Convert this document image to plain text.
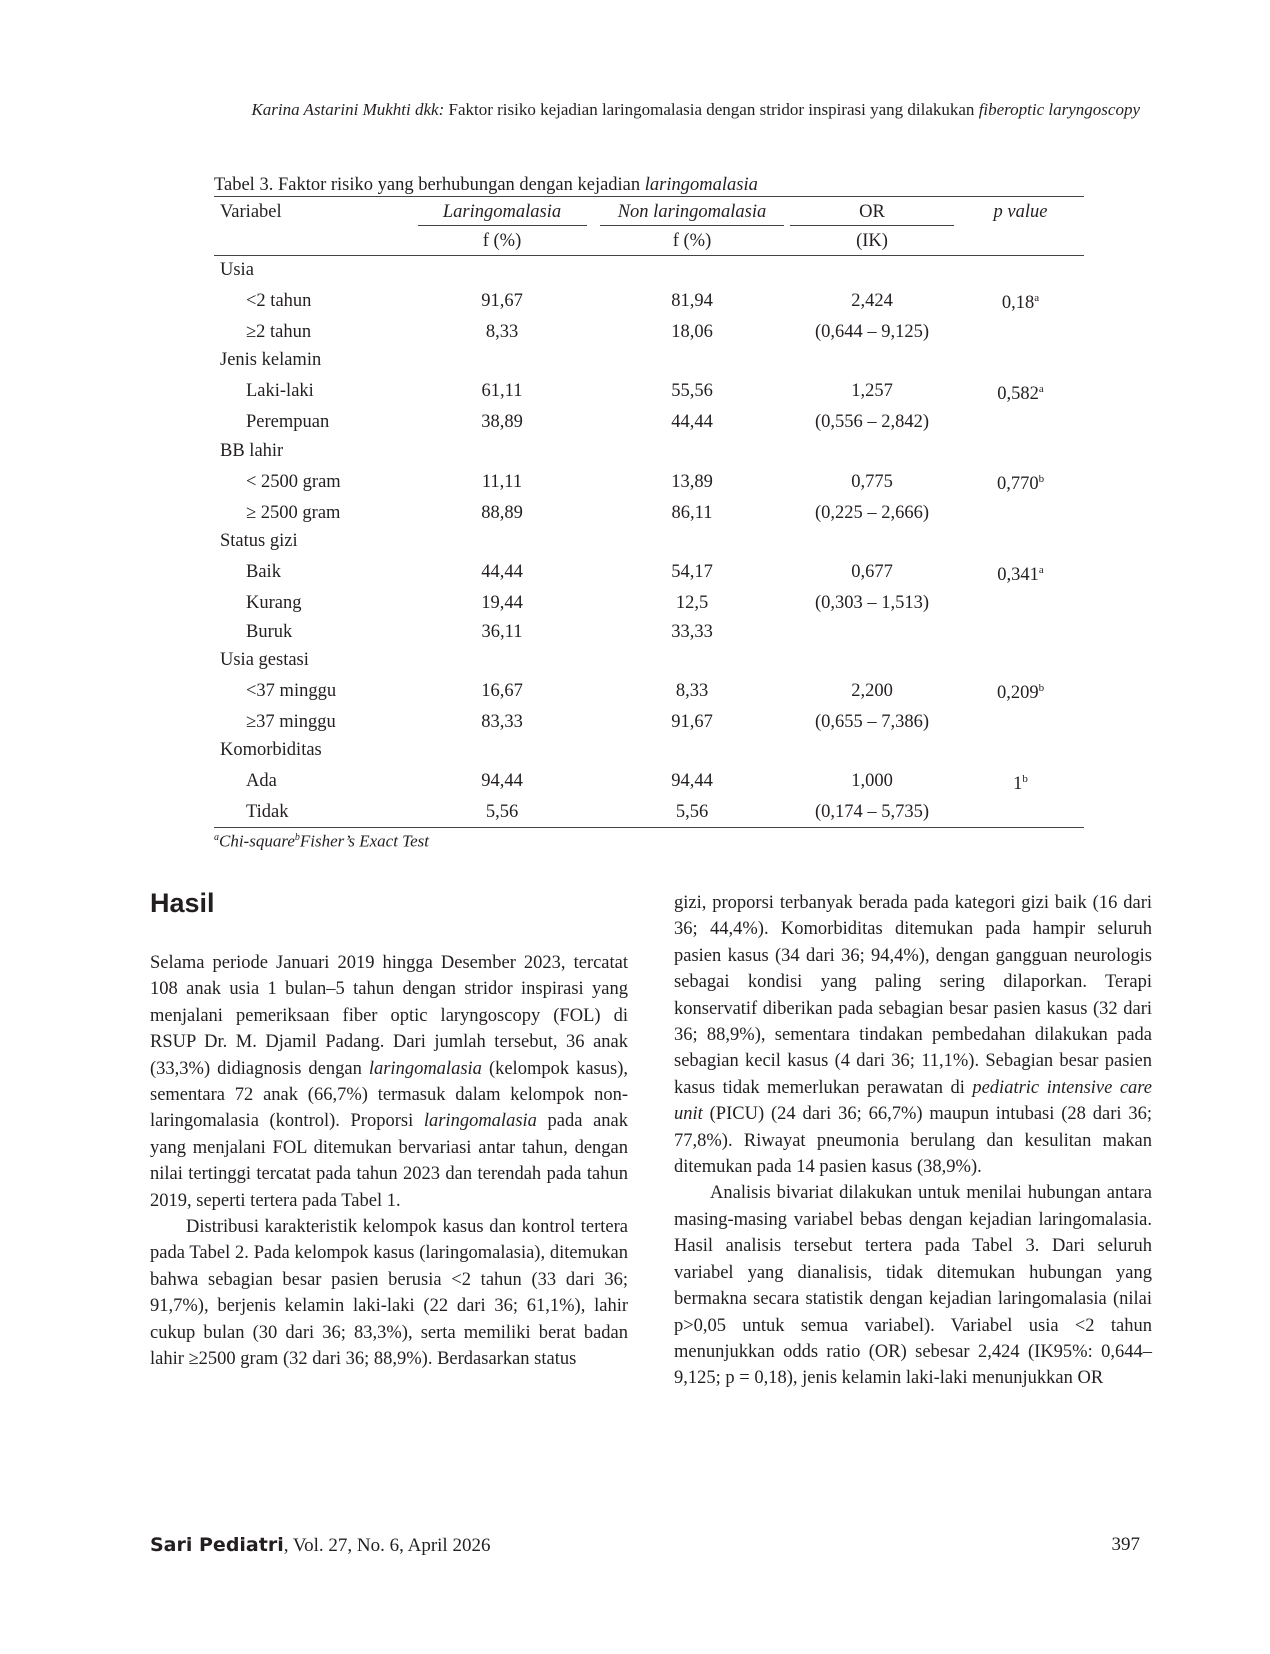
Karina Astarini Mukhti dkk: Faktor risiko kejadian laringomalasia dengan stridor inspirasi yang dilakukan fiberoptic laryngoscopy
Tabel 3. Faktor risiko yang berhubungan dengan kejadian laringomalasia
Variabel	Laringomalasia	Non laringomalasia	OR	p value
	f (%)	f (%)	(IK)	
Usia				
<2 tahun	91,67	81,94	2,424	0,18$^a$
≥2 tahun	8,33	18,06	(0,644 – 9,125)	
Jenis kelamin				
Laki-laki	61,11	55,56	1,257	0,582$^a$
Perempuan	38,89	44,44	(0,556 – 2,842)	
BB lahir				
< 2500 gram	11,11	13,89	0,775	0,770$^b$
≥ 2500 gram	88,89	86,11	(0,225 – 2,666)	
Status gizi				
Baik	44,44	54,17	0,677	0,341$^a$
Kurang	19,44	12,5	(0,303 – 1,513)	
Buruk	36,11	33,33		
Usia gestasi				
<37 minggu	16,67	8,33	2,200	0,209$^b$
≥37 minggu	83,33	91,67	(0,655 – 7,386)	
Komorbiditas				
Ada	94,44	94,44	1,000	1$^b$
Tidak	5,56	5,56	(0,174 – 5,735)	
$^a$Chi-square$^b$Fisher’s Exact Test
Hasil

Selama periode Januari 2019 hingga Desember 2023, tercatat 108 anak usia 1 bulan–5 tahun dengan stridor inspirasi yang menjalani pemeriksaan fiber optic laryngoscopy (FOL) di RSUP Dr. M. Djamil Padang. Dari jumlah tersebut, 36 anak (33,3%) didiagnosis dengan laringomalasia (kelompok kasus), sementara 72 anak (66,7%) termasuk dalam kelompok non-laringomalasia (kontrol). Proporsi laringomalasia pada anak yang menjalani FOL ditemukan bervariasi antar tahun, dengan nilai tertinggi tercatat pada tahun 2023 dan terendah pada tahun 2019, seperti tertera pada Tabel 1.

Distribusi karakteristik kelompok kasus dan kontrol tertera pada Tabel 2. Pada kelompok kasus (laringomalasia), ditemukan bahwa sebagian besar pasien berusia <2 tahun (33 dari 36; 91,7%), berjenis kelamin laki-laki (22 dari 36; 61,1%), lahir cukup bulan (30 dari 36; 83,3%), serta memiliki berat badan lahir ≥2500 gram (32 dari 36; 88,9%). Berdasarkan status

gizi, proporsi terbanyak berada pada kategori gizi baik (16 dari 36; 44,4%). Komorbiditas ditemukan pada hampir seluruh pasien kasus (34 dari 36; 94,4%), dengan gangguan neurologis sebagai kondisi yang paling sering dilaporkan. Terapi konservatif diberikan pada sebagian besar pasien kasus (32 dari 36; 88,9%), sementara tindakan pembedahan dilakukan pada sebagian kecil kasus (4 dari 36; 11,1%). Sebagian besar pasien kasus tidak memerlukan perawatan di pediatric intensive care unit (PICU) (24 dari 36; 66,7%) maupun intubasi (28 dari 36; 77,8%). Riwayat pneumonia berulang dan kesulitan makan ditemukan pada 14 pasien kasus (38,9%).

Analisis bivariat dilakukan untuk menilai hubungan antara masing-masing variabel bebas dengan kejadian laringomalasia. Hasil analisis tersebut tertera pada Tabel 3. Dari seluruh variabel yang dianalisis, tidak ditemukan hubungan yang bermakna secara statistik dengan kejadian laringomalasia (nilai p>0,05 untuk semua variabel). Variabel usia <2 tahun menunjukkan odds ratio (OR) sebesar 2,424 (IK95%: 0,644–9,125; p = 0,18), jenis kelamin laki-laki menunjukkan OR

Sari Pediatri, Vol. 27, No. 6, April 2026	397
